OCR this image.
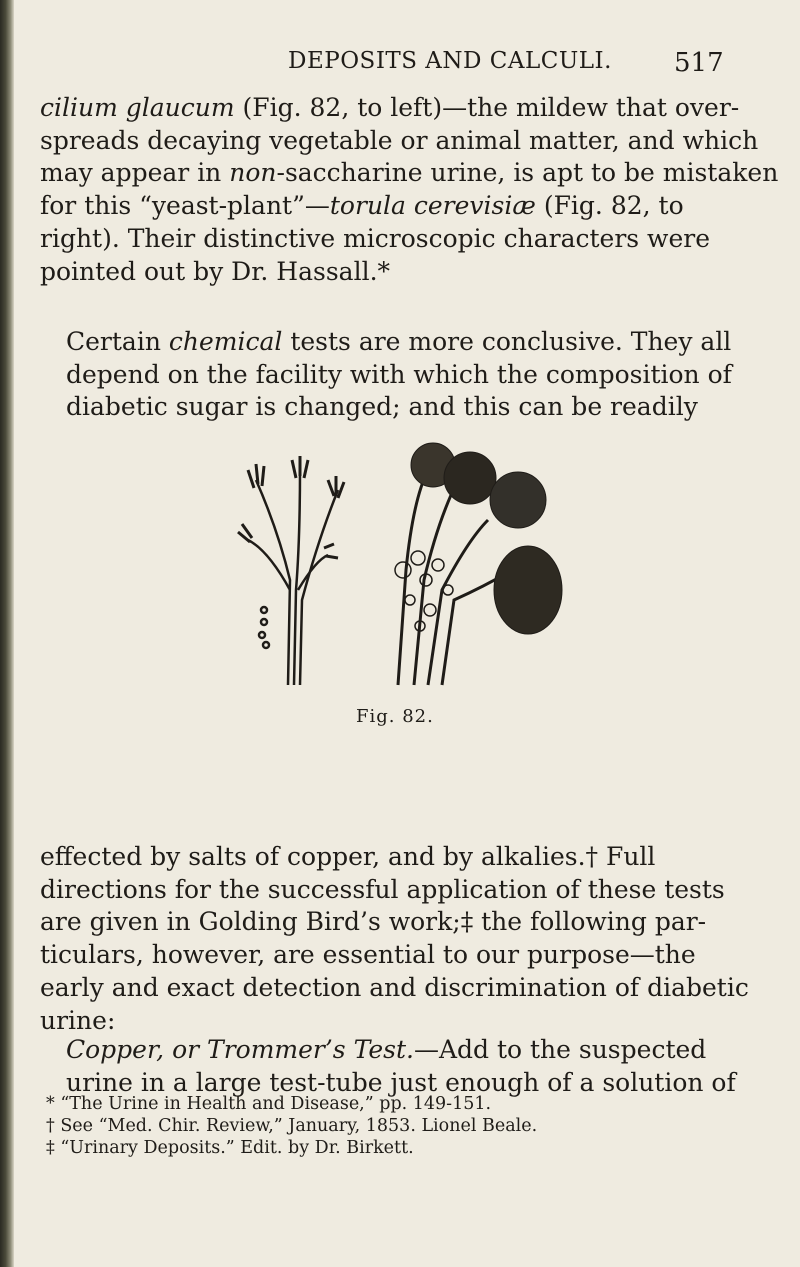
DEPOSITS AND CALCULI. 517
cilium glaucum (Fig. 82, to left)—the mildew that over-
spreads decaying vegetable or animal matter, and which
may appear in non-saccharine urine, is apt to be mistaken
for this “yeast-plant”—torula cerevisiæ (Fig. 82, to
right). Their distinctive microscopic characters were
pointed out by Dr. Hassall.*
Certain chemical tests are more conclusive. They all
depend on the facility with which the composition of
diabetic sugar is changed; and this can be readily
Fig. 82.
effected by salts of copper, and by alkalies.† Full
directions for the successful application of these tests
are given in Golding Bird’s work;‡ the following par-
ticulars, however, are essential to our purpose—the
early and exact detection and discrimination of diabetic
urine:
Copper, or Trommer’s Test.—Add to the suspected
urine in a large test-tube just enough of a solution of
* “The Urine in Health and Disease,” pp. 149-151.
† See “Med. Chir. Review,” January, 1853. Lionel Beale.
‡ “Urinary Deposits.” Edit. by Dr. Birkett.
